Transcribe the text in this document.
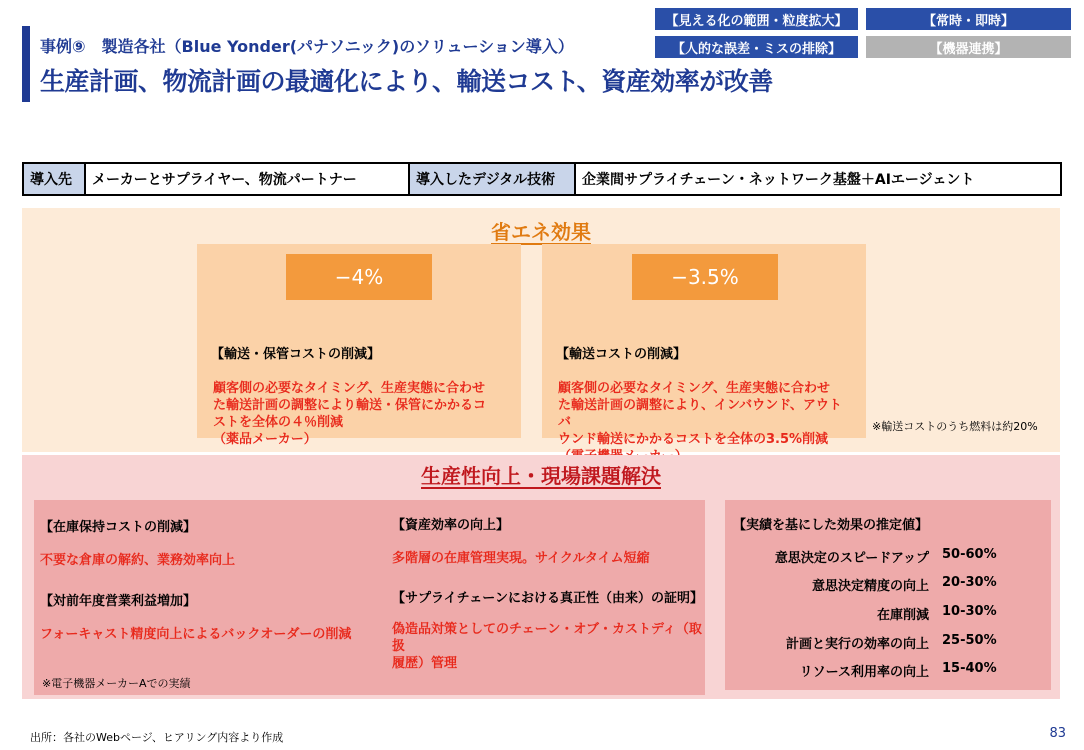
事例⑨　製造各社（Blue Yonder(パナソニック)のソリューション導入）
生産計画、物流計画の最適化により、輸送コスト、資産効率が改善
【見える化の範囲・粒度拡大】	【常時・即時】
【人的な誤差・ミスの排除】	【機器連携】
導入先	メーカーとサプライヤー、物流パートナー	導入したデジタル技術	企業間サプライチェーン・ネットワーク基盤＋AIエージェント
省エネ効果
−4%
【輸送・保管コストの削減】
顧客側の必要なタイミング、生産実態に合わせ
た輸送計画の調整により輸送・保管にかかるコ
ストを全体の４％削減
（薬品メーカー）
−3.5%
【輸送コストの削減】
顧客側の必要なタイミング、生産実態に合わせ
た輸送計画の調整により、インバウンド、アウトバ
ウンド輸送にかかるコストを全体の3.5%削減
※輸送コストのうち燃料は約20%
生産性向上・現場課題解決
【在庫保持コストの削減】
不要な倉庫の解約、業務効率向上
【対前年度営業利益増加】
フォーキャスト精度向上によるバックオーダーの削減
【資産効率の向上】
多階層の在庫管理実現。サイクルタイム短縮
【サプライチェーンにおける真正性（由来）の証明】
偽造品対策としてのチェーン・オブ・カストディ（取扱
履歴）管理
※電子機器メーカーAでの実績
【実績を基にした効果の推定値】
意思決定のスピードアップ 50-60%
意思決定精度の向上 20-30%
在庫削減 10-30%
計画と実行の効率の向上 25-50%
リソース利用率の向上 15-40%
出所：各社のWebページ、ヒアリング内容より作成	83
